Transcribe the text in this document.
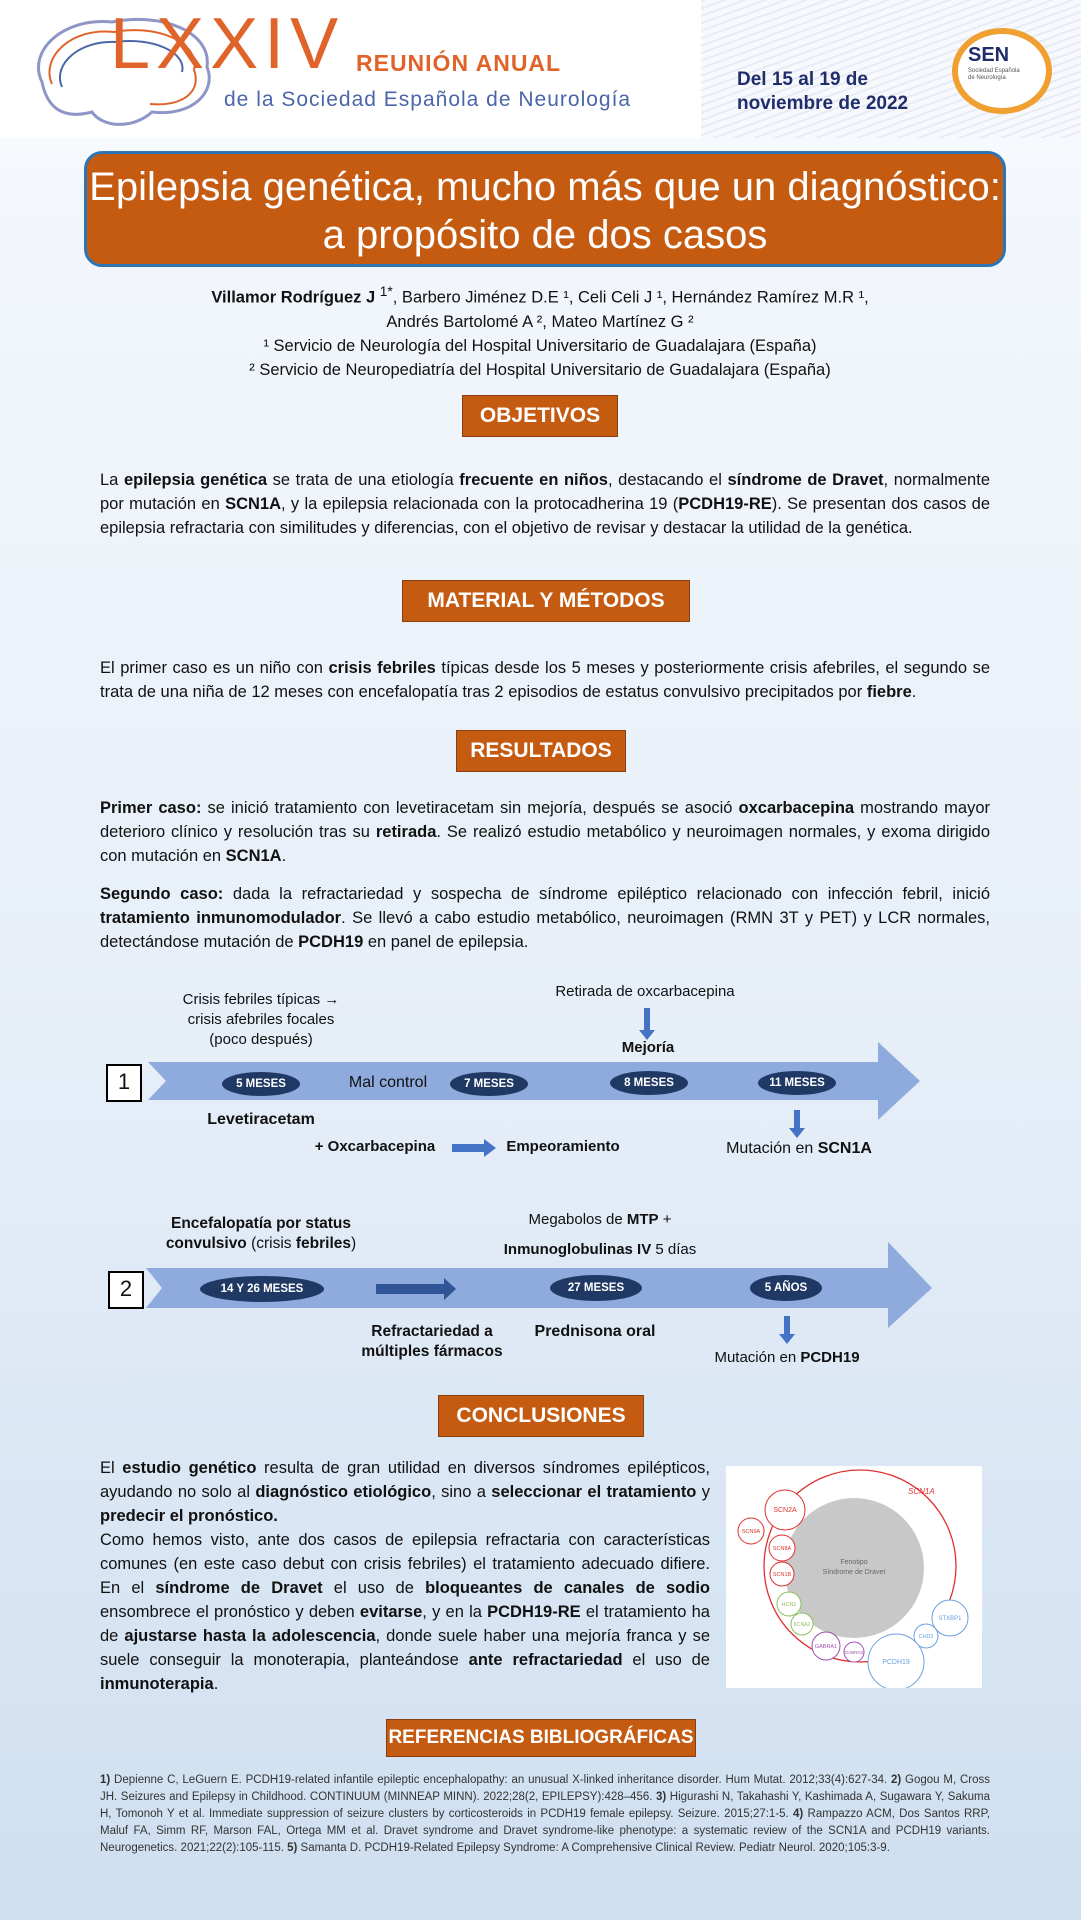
LXXIV REUNIÓN ANUAL
de la Sociedad Española de Neurología
Del 15 al 19 de noviembre de 2022
SEN
Sociedad Española de Neurología
Epilepsia genética, mucho más que un diagnóstico: a propósito de dos casos
Villamor Rodríguez J $^{1*}$, Barbero Jiménez D.E ¹, Celi Celi J ¹, Hernández Ramírez M.R ¹,
Andrés Bartolomé A ², Mateo Martínez G ²
¹ Servicio de Neurología del Hospital Universitario de Guadalajara (España)
² Servicio de Neuropediatría del Hospital Universitario de Guadalajara (España)
OBJETIVOS
La epilepsia genética se trata de una etiología frecuente en niños, destacando el síndrome de Dravet, normalmente por mutación en SCN1A, y la epilepsia relacionada con la protocadherina 19 (PCDH19-RE). Se presentan dos casos de epilepsia refractaria con similitudes y diferencias, con el objetivo de revisar y destacar la utilidad de la genética.
MATERIAL Y MÉTODOS
El primer caso es un niño con crisis febriles típicas desde los 5 meses y posteriormente crisis afebriles, el segundo se trata de una niña de 12 meses con encefalopatía tras 2 episodios de estatus convulsivo precipitados por fiebre.
RESULTADOS
Primer caso: se inició tratamiento con levetiracetam sin mejoría, después se asoció oxcarbacepina mostrando mayor deterioro clínico y resolución tras su retirada. Se realizó estudio metabólico y neuroimagen normales, y exoma dirigido con mutación en SCN1A.
Segundo caso: dada la refractariedad y sospecha de síndrome epiléptico relacionado con infección febril, inició tratamiento inmunomodulador. Se llevó a cabo estudio metabólico, neuroimagen (RMN 3T y PET) y LCR normales, detectándose mutación de PCDH19 en panel de epilepsia.
Crisis febriles típicas → crisis afebriles focales (poco después)
Retirada de oxcarbacepina
Mejoría
1	5 MESES	Mal control	7 MESES	8 MESES	11 MESES
Levetiracetam
+ Oxcarbacepina	Empeoramiento	Mutación en SCN1A
Encefalopatía por status convulsivo (crisis febriles)
Megabolos de MTP +
Inmunoglobulinas IV 5 días
2	14 Y 26 MESES	27 MESES	5 AÑOS
Refractariedad a múltiples fármacos
Prednisona oral
Mutación en PCDH19
CONCLUSIONES
El estudio genético resulta de gran utilidad en diversos síndromes epilépticos, ayudando no solo al diagnóstico etiológico, sino a seleccionar el tratamiento y predecir el pronóstico.
Como hemos visto, ante dos casos de epilepsia refractaria con características comunes (en este caso debut con crisis febriles) el tratamiento adecuado difiere. En el síndrome de Dravet el uso de bloqueantes de canales de sodio ensombrece el pronóstico y deben evitarse, y en la PCDH19-RE el tratamiento ha de ajustarse hasta la adolescencia, donde suele haber una mejoría franca y se suele conseguir la monoterapia, planteándose ante refractariedad el uso de inmunoterapia.
SCN1A
Fenotipo
Síndrome de Dravet
SCN2A
SCN9A
SCN8A
SCN1B
HCN1
KCNA2
GABRA1
GABRG2
STXBP1
CHD2
PCDH19
REFERENCIAS BIBLIOGRÁFICAS
1) Depienne C, LeGuern E. PCDH19-related infantile epileptic encephalopathy: an unusual X-linked inheritance disorder. Hum Mutat. 2012;33(4):627-34. 2) Gogou M, Cross JH. Seizures and Epilepsy in Childhood. CONTINUUM (MINNEAP MINN). 2022;28(2, EPILEPSY):428–456. 3) Higurashi N, Takahashi Y, Kashimada A, Sugawara Y, Sakuma H, Tomonoh Y et al. Immediate suppression of seizure clusters by corticosteroids in PCDH19 female epilepsy. Seizure. 2015;27:1-5. 4) Rampazzo ACM, Dos Santos RRP, Maluf FA, Simm RF, Marson FAL, Ortega MM et al. Dravet syndrome and Dravet syndrome-like phenotype: a systematic review of the SCN1A and PCDH19 variants. Neurogenetics. 2021;22(2):105-115. 5) Samanta D. PCDH19-Related Epilepsy Syndrome: A Comprehensive Clinical Review. Pediatr Neurol. 2020;105:3-9.
